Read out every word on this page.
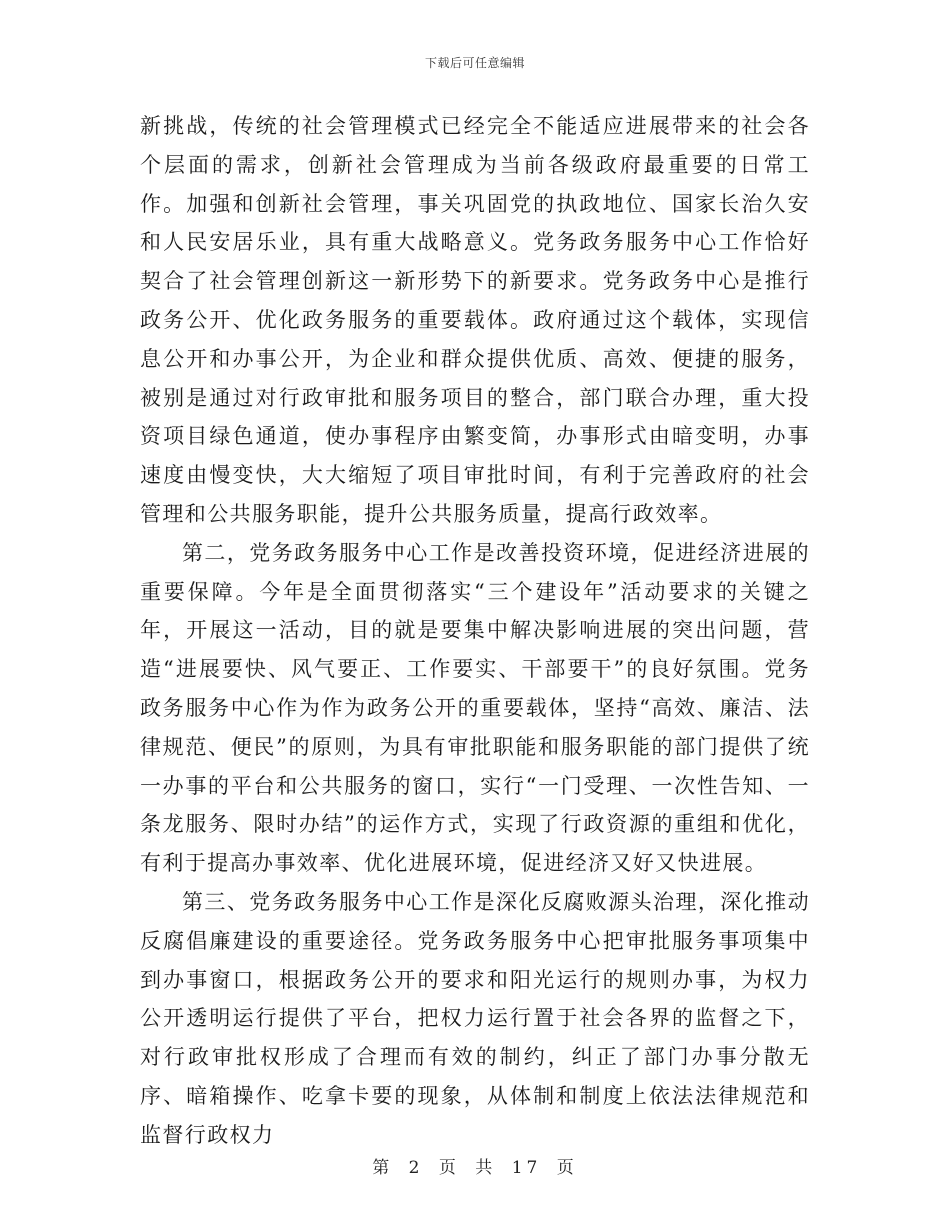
下载后可任意编辑

新挑战，传统的社会管理模式已经完全不能适应进展带来的社会各个层面的需求，创新社会管理成为当前各级政府最重要的日常工作。加强和创新社会管理，事关巩固党的执政地位、国家长治久安和人民安居乐业，具有重大战略意义。党务政务服务中心工作恰好契合了社会管理创新这一新形势下的新要求。党务政务中心是推行政务公开、优化政务服务的重要载体。政府通过这个载体，实现信息公开和办事公开，为企业和群众提供优质、高效、便捷的服务，被别是通过对行政审批和服务项目的整合，部门联合办理，重大投资项目绿色通道，使办事程序由繁变简，办事形式由暗变明，办事速度由慢变快，大大缩短了项目审批时间，有利于完善政府的社会管理和公共服务职能，提升公共服务质量，提高行政效率。

第二，党务政务服务中心工作是改善投资环境，促进经济进展的重要保障。今年是全面贯彻落实“三个建设年”活动要求的关键之年，开展这一活动，目的就是要集中解决影响进展的突出问题，营造“进展要快、风气要正、工作要实、干部要干”的良好氛围。党务政务服务中心作为作为政务公开的重要载体，坚持“高效、廉洁、法律规范、便民”的原则，为具有审批职能和服务职能的部门提供了统一办事的平台和公共服务的窗口，实行“一门受理、一次性告知、一条龙服务、限时办结”的运作方式，实现了行政资源的重组和优化，有利于提高办事效率、优化进展环境，促进经济又好又快进展。

第三、党务政务服务中心工作是深化反腐败源头治理，深化推动反腐倡廉建设的重要途径。党务政务服务中心把审批服务事项集中到办事窗口，根据政务公开的要求和阳光运行的规则办事，为权力公开透明运行提供了平台，把权力运行置于社会各界的监督之下，对行政审批权形成了合理而有效的制约，纠正了部门办事分散无序、暗箱操作、吃拿卡要的现象，从体制和制度上依法法律规范和监督行政权力

第 2 页 共 17 页
